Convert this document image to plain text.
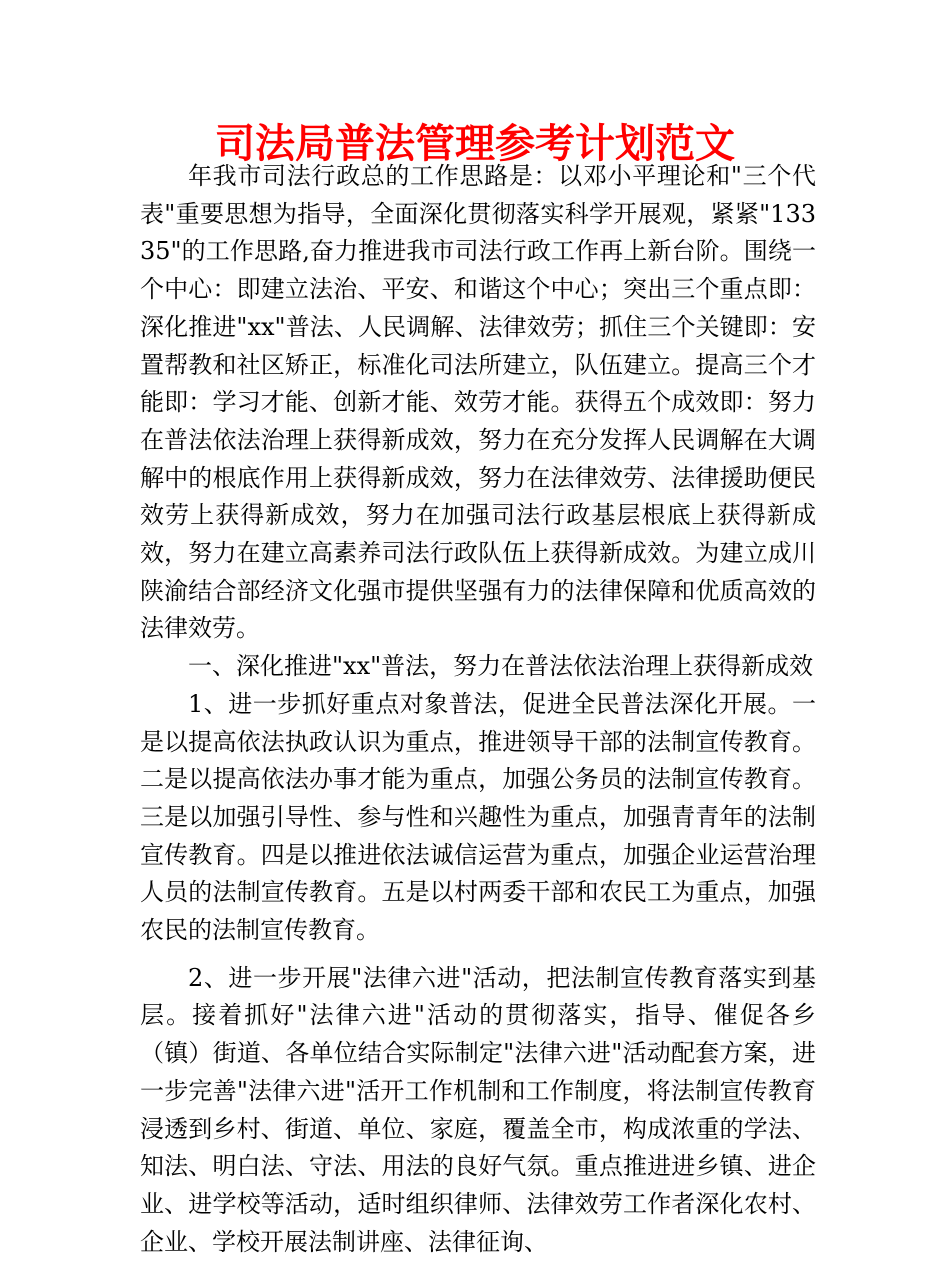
司法局普法管理参考计划范文

年我市司法行政总的工作思路是：以邓小平理论和"三个代表"重要思想为指导，全面深化贯彻落实科学开展观，紧紧"13335"的工作思路,奋力推进我市司法行政工作再上新台阶。围绕一个中心：即建立法治、平安、和谐这个中心；突出三个重点即：深化推进"xx"普法、人民调解、法律效劳；抓住三个关键即：安置帮教和社区矫正，标准化司法所建立，队伍建立。提高三个才能即：学习才能、创新才能、效劳才能。获得五个成效即：努力在普法依法治理上获得新成效，努力在充分发挥人民调解在大调解中的根底作用上获得新成效，努力在法律效劳、法律援助便民效劳上获得新成效，努力在加强司法行政基层根底上获得新成效，努力在建立高素养司法行政队伍上获得新成效。为建立成川陕渝结合部经济文化强市提供坚强有力的法律保障和优质高效的法律效劳。

一、深化推进"xx"普法，努力在普法依法治理上获得新成效

1、进一步抓好重点对象普法，促进全民普法深化开展。一是以提高依法执政认识为重点，推进领导干部的法制宣传教育。二是以提高依法办事才能为重点，加强公务员的法制宣传教育。三是以加强引导性、参与性和兴趣性为重点，加强青青年的法制宣传教育。四是以推进依法诚信运营为重点，加强企业运营治理人员的法制宣传教育。五是以村两委干部和农民工为重点，加强农民的法制宣传教育。

2、进一步开展"法律六进"活动，把法制宣传教育落实到基层。接着抓好"法律六进"活动的贯彻落实，指导、催促各乡（镇）街道、各单位结合实际制定"法律六进"活动配套方案，进一步完善"法律六进"活开工作机制和工作制度，将法制宣传教育浸透到乡村、街道、单位、家庭，覆盖全市，构成浓重的学法、知法、明白法、守法、用法的良好气氛。重点推进进乡镇、进企业、进学校等活动，适时组织律师、法律效劳工作者深化农村、企业、学校开展法制讲座、法律征询、
